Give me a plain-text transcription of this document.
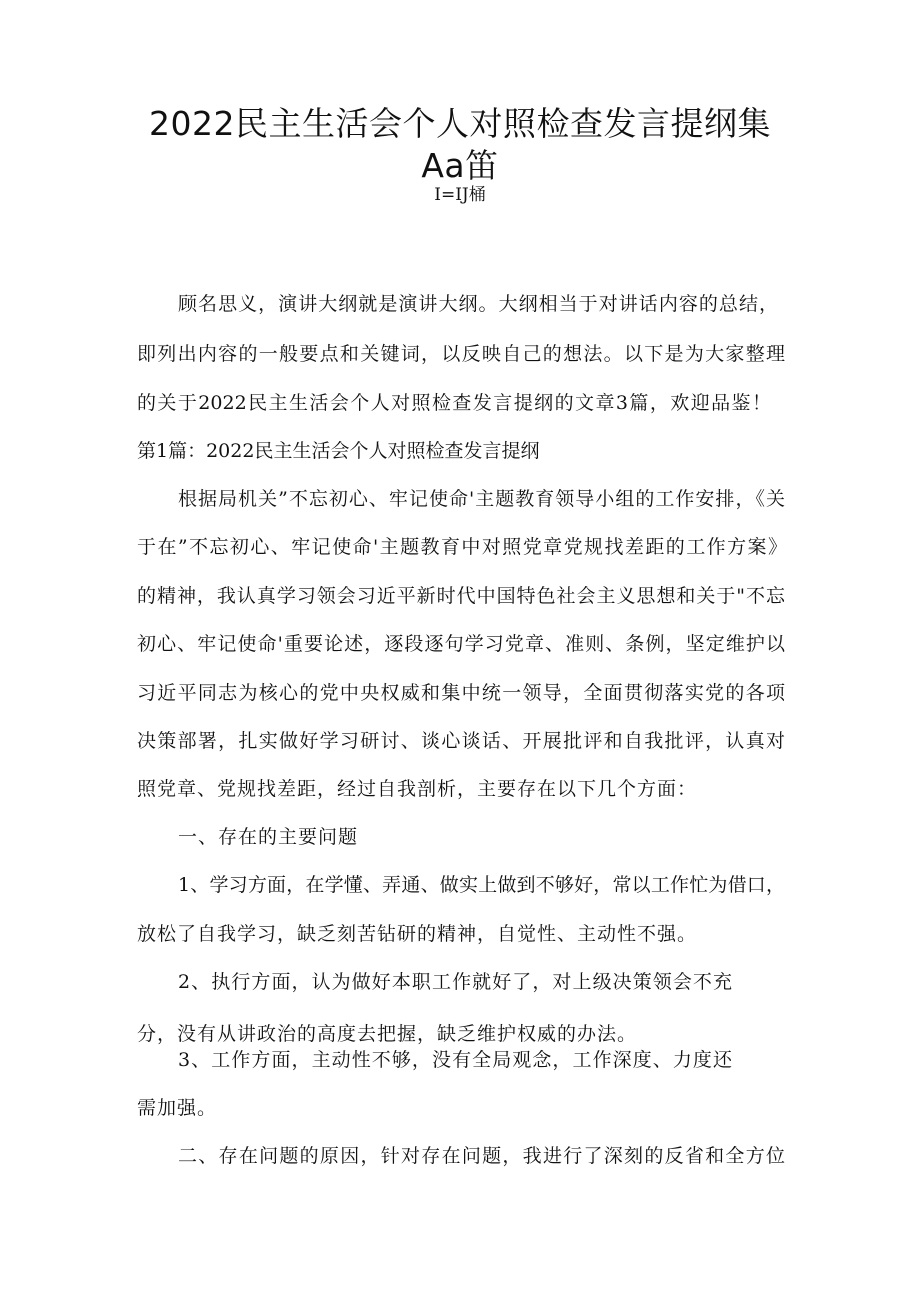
2022民主生活会个人对照检查发言提纲集
Aa笛
I=IJ桶
顾名思义，演讲大纲就是演讲大纲。大纲相当于对讲话内容的总结，
即列出内容的一般要点和关键词，以反映自己的想法。以下是为大家整理
的关于2022民主生活会个人对照检查发言提纲的文章3篇，欢迎品鉴！
第1篇：2022民主生活会个人对照检查发言提纲
根据局机关”不忘初心、牢记使命'主题教育领导小组的工作安排，《关
于在”不忘初心、牢记使命'主题教育中对照党章党规找差距的工作方案》
的精神，我认真学习领会习近平新时代中国特色社会主义思想和关于"不忘
初心、牢记使命'重要论述，逐段逐句学习党章、准则、条例，坚定维护以
习近平同志为核心的党中央权威和集中统一领导，全面贯彻落实党的各项
决策部署，扎实做好学习研讨、谈心谈话、开展批评和自我批评，认真对
照党章、党规找差距，经过自我剖析，主要存在以下几个方面：
一、存在的主要问题
1、学习方面，在学懂、弄通、做实上做到不够好，常以工作忙为借口，
放松了自我学习，缺乏刻苦钻研的精神，自觉性、主动性不强。
2、执行方面，认为做好本职工作就好了，对上级决策领会不充
分，没有从讲政治的高度去把握，缺乏维护权威的办法。
3、工作方面，主动性不够，没有全局观念，工作深度、力度还
需加强。
二、存在问题的原因，针对存在问题，我进行了深刻的反省和全方位
